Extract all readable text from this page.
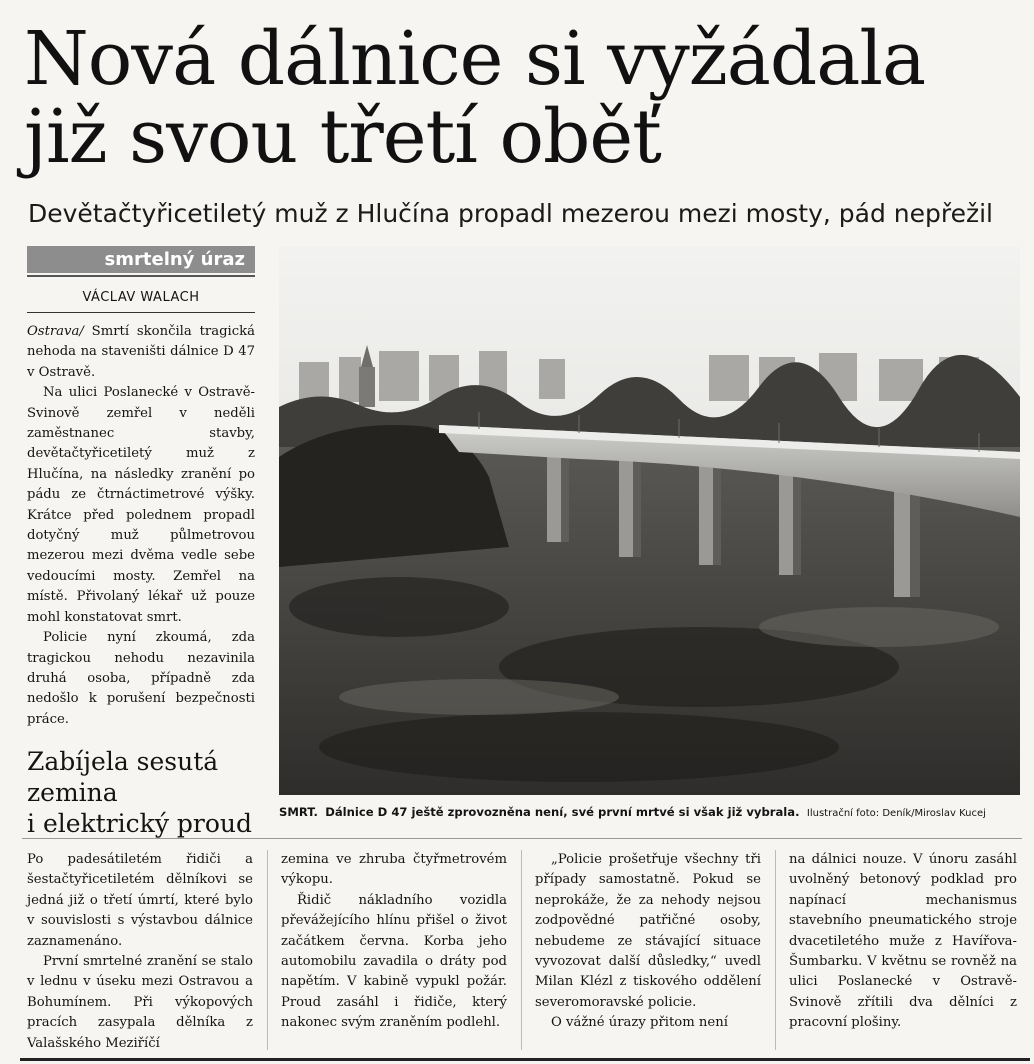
Nová dálnice si vyžádala
již svou třetí oběť
Devětačtyřicetiletý muž z Hlučína propadl mezerou mezi mosty, pád nepřežil
smrtelný úraz
VÁCLAV WALACH

Ostrava/ Smrtí skončila tragická nehoda na staveništi dálnice D 47 v Ostravě.

Na ulici Poslanecké v Ostravě-Svinově zemřel v neděli zaměstnanec stavby, devětačtyřicetiletý muž z Hlučína, na následky zranění po pádu ze čtrnáctimetrové výšky. Krátce před polednem propadl dotyčný muž půlmetrovou mezerou mezi dvěma vedle sebe vedoucími mosty. Zemřel na místě. Přivolaný lékař už pouze mohl konstatovat smrt.

Policie nyní zkoumá, zda tragickou nehodu nezavinila druhá osoba, případně zda nedošlo k porušení bezpečnosti práce.

Zabíjela sesutá
zemina
i elektrický proud	SMRT. Dálnice D 47 ještě zprovozněna není, své první mrtvé si však již vybrala. Ilustrační foto: Deník/Miroslav Kucej

Po padesátiletém řidiči a šestačtyřicetiletém dělníkovi se jedná již o třetí úmrtí, které bylo v souvislosti s výstavbou dálnice zaznamenáno.

První smrtelné zranění se stalo v lednu v úseku mezi Ostravou a Bohumínem. Při výkopových pracích zasypala dělníka z Valašského Meziříčí

zemina ve zhruba čtyřmetrovém výkopu.

Řidič nákladního vozidla převážejícího hlínu přišel o život začátkem června. Korba jeho automobilu zavadila o dráty pod napětím. V kabině vypukl požár. Proud zasáhl i řidiče, který nakonec svým zraněním podlehl.

„Policie prošetřuje všechny tři případy samostatně. Pokud se neprokáže, že za nehody nejsou zodpovědné patřičné osoby, nebudeme ze stávající situace vyvozovat další důsledky,“ uvedl Milan Klézl z tiskového oddělení severomoravské policie.

O vážné úrazy přitom není

na dálnici nouze. V únoru zasáhl uvolněný betonový podklad pro napínací mechanismus stavebního pneumatického stroje dvacetiletého muže z Havířova-Šumbarku. V květnu se rovněž na ulici Poslanecké v Ostravě-Svinově zřítili dva dělníci z pracovní plošiny.
